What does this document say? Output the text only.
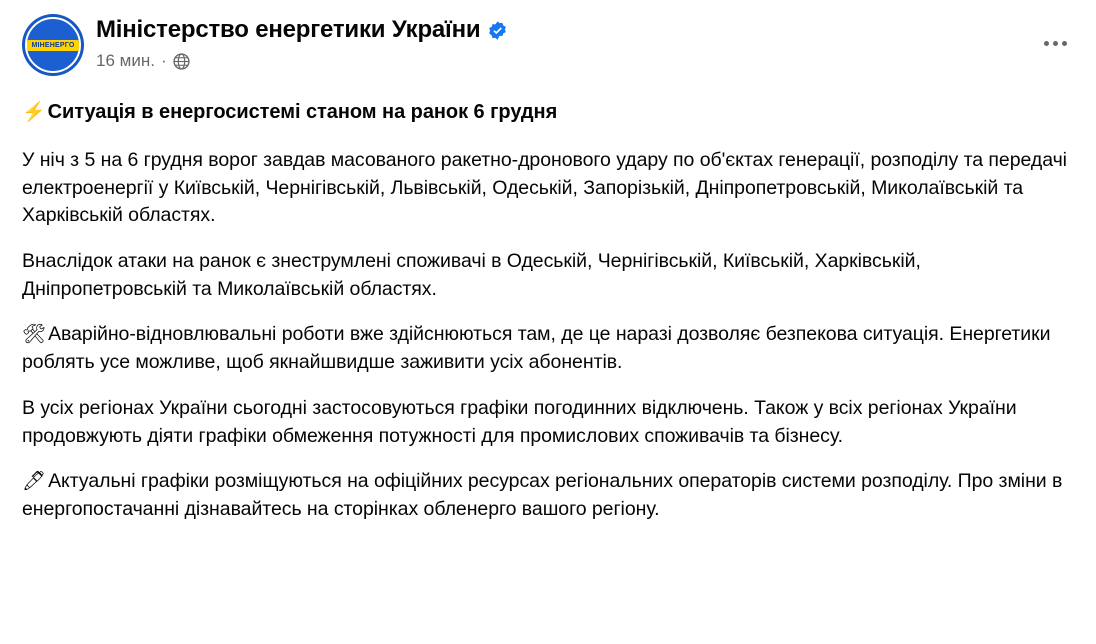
МІНЕНЕРГО
Міністерство енергетики України
16 мин. ·

⚡ Ситуація в енергосистемі станом на ранок 6 грудня

У ніч з 5 на 6 грудня ворог завдав масованого ракетно-дронового удару по об'єктах генерації, розподілу та передачі електроенергії у Київській, Чернігівській, Львівській, Одеській, Запорізькій, Дніпропетровській, Миколаївській та Харківській областях.

Внаслідок атаки на ранок є знеструмлені споживачі в Одеській, Чернігівській, Київській, Харківській, Дніпропетровській та Миколаївській областях.

🛠 Аварійно-відновлювальні роботи вже здійснюються там, де це наразі дозволяє безпекова ситуація. Енергетики роблять усе можливе, щоб якнайшвидше заживити усіх абонентів.

В усіх регіонах України сьогодні застосовуються графіки погодинних відключень. Також у всіх регіонах України продовжують діяти графіки обмеження потужності для промислових споживачів та бізнесу.

🖊 Актуальні графіки розміщуються на офіційних ресурсах регіональних операторів системи розподілу. Про зміни в енергопостачанні дізнавайтесь на сторінках обленерго вашого регіону.
